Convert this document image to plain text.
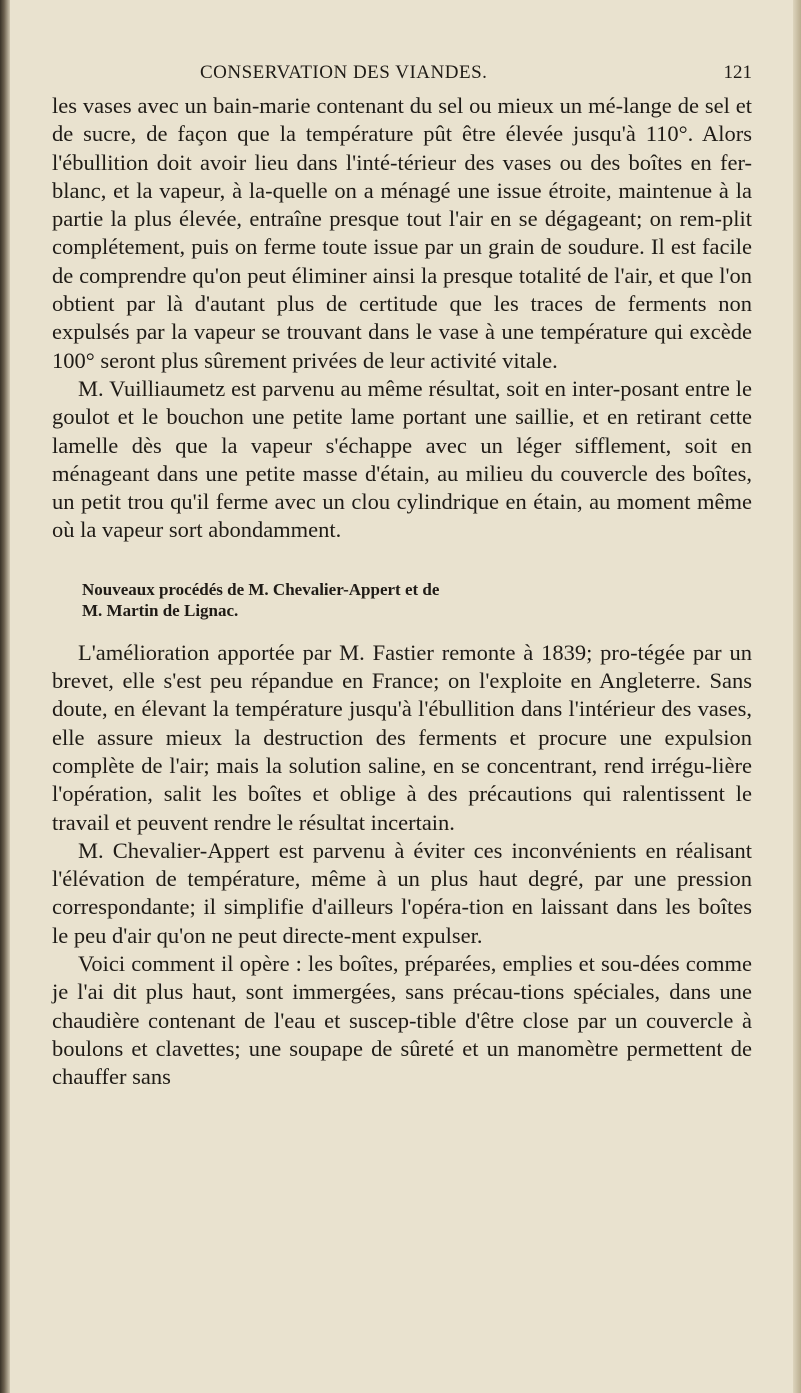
CONSERVATION DES VIANDES.	121

les vases avec un bain-marie contenant du sel ou mieux un mé-lange de sel et de sucre, de façon que la température pût être élevée jusqu'à 110°. Alors l'ébullition doit avoir lieu dans l'inté-térieur des vases ou des boîtes en fer-blanc, et la vapeur, à la-quelle on a ménagé une issue étroite, maintenue à la partie la plus élevée, entraîne presque tout l'air en se dégageant; on rem-plit complétement, puis on ferme toute issue par un grain de soudure. Il est facile de comprendre qu'on peut éliminer ainsi la presque totalité de l'air, et que l'on obtient par là d'autant plus de certitude que les traces de ferments non expulsés par la vapeur se trouvant dans le vase à une température qui excède 100° seront plus sûrement privées de leur activité vitale.

M. Vuilliaumetz est parvenu au même résultat, soit en inter-posant entre le goulot et le bouchon une petite lame portant une saillie, et en retirant cette lamelle dès que la vapeur s'échappe avec un léger sifflement, soit en ménageant dans une petite masse d'étain, au milieu du couvercle des boîtes, un petit trou qu'il ferme avec un clou cylindrique en étain, au moment même où la vapeur sort abondamment.

Nouveaux procédés de M. Chevalier-Appert et de
M. Martin de Lignac.

L'amélioration apportée par M. Fastier remonte à 1839; pro-tégée par un brevet, elle s'est peu répandue en France; on l'exploite en Angleterre. Sans doute, en élevant la température jusqu'à l'ébullition dans l'intérieur des vases, elle assure mieux la destruction des ferments et procure une expulsion complète de l'air; mais la solution saline, en se concentrant, rend irrégu-lière l'opération, salit les boîtes et oblige à des précautions qui ralentissent le travail et peuvent rendre le résultat incertain.

M. Chevalier-Appert est parvenu à éviter ces inconvénients en réalisant l'élévation de température, même à un plus haut degré, par une pression correspondante; il simplifie d'ailleurs l'opéra-tion en laissant dans les boîtes le peu d'air qu'on ne peut directe-ment expulser.

Voici comment il opère : les boîtes, préparées, emplies et sou-dées comme je l'ai dit plus haut, sont immergées, sans précau-tions spéciales, dans une chaudière contenant de l'eau et suscep-tible d'être close par un couvercle à boulons et clavettes; une soupape de sûreté et un manomètre permettent de chauffer sans
